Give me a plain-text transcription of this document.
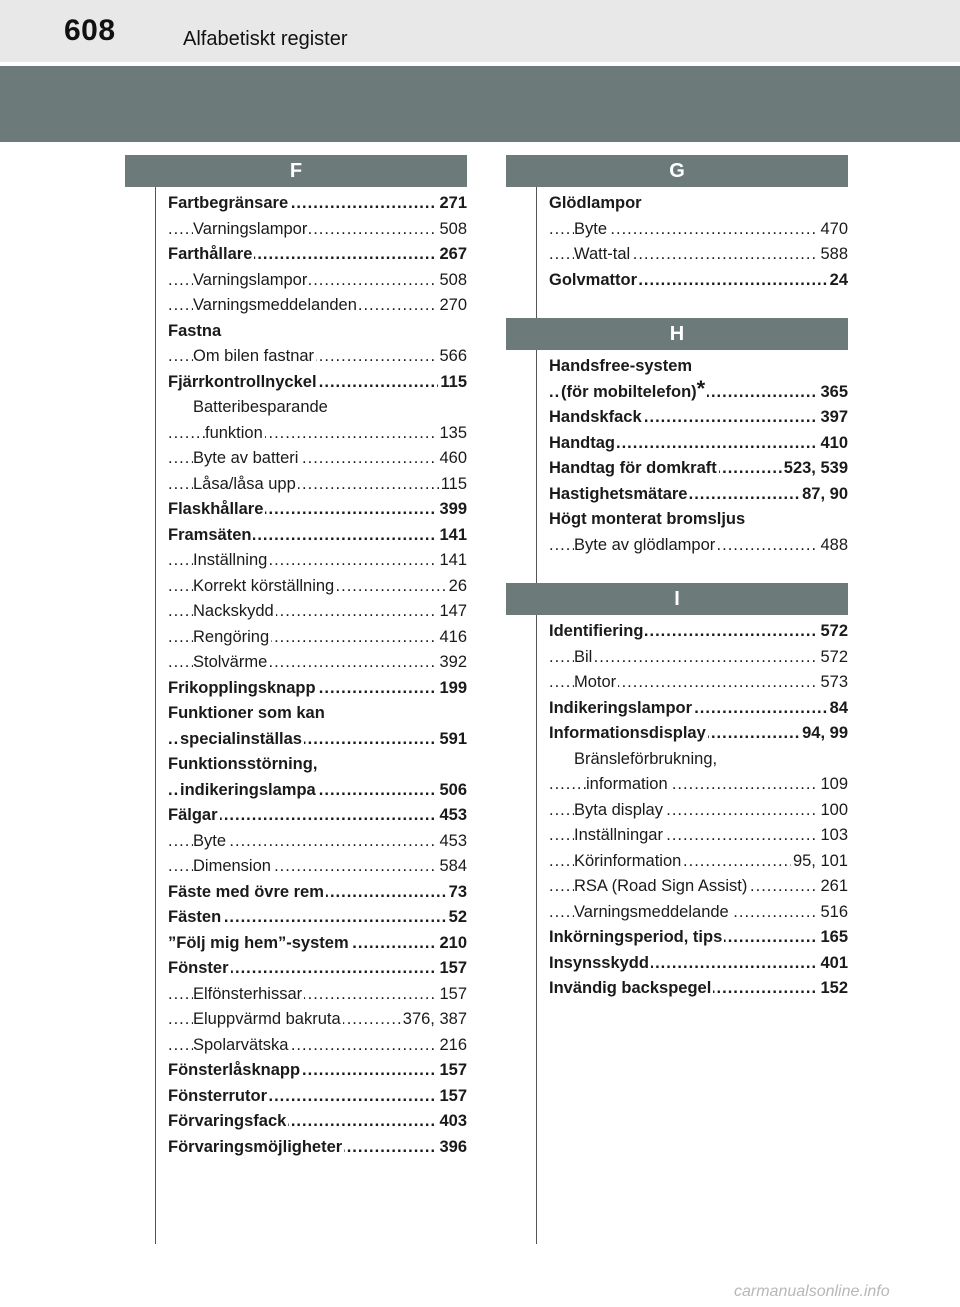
608	Alfabetiskt register
F
..... Fartbegränsare	271
..... Varningslampor	508
..... Farthållare	267
..... Varningslampor	508
..... Varningsmeddelanden	270
Fastna
..... Om bilen fastnar	566
..... Fjärrkontrollnyckel	115
Batteribesparande
..... funktion	135
..... Byte av batteri	460
..... Låsa/låsa upp	115
..... Flaskhållare	399
..... Framsäten	141
..... Inställning	141
..... Korrekt körställning	26
..... Nackskydd	147
..... Rengöring	416
..... Stolvärme	392
..... Frikopplingsknapp	199
Funktioner som kan
..... specialinställas	591
Funktionsstörning,
..... indikeringslampa	506
..... Fälgar	453
..... Byte	453
..... Dimension	584
..... Fäste med övre rem	73
..... Fästen	52
..... ”Följ mig hem”-system	210
..... Fönster	157
..... Elfönsterhissar	157
..... Eluppvärmd bakruta	376, 387
..... Spolarvätska	216
..... Fönsterlåsknapp	157
..... Fönsterrutor	157
..... Förvaringsfack	403
..... Förvaringsmöjligheter	396
G
Glödlampor
..... Byte	470
..... Watt-tal	588
..... Golvmattor	24
H
Handsfree-system
..... (för mobiltelefon)*	365
..... Handskfack	397
..... Handtag	410
..... Handtag för domkraft	523, 539
..... Hastighetsmätare	87, 90
Högt monterat bromsljus
..... Byte av glödlampor	488
I
..... Identifiering	572
..... Bil	572
..... Motor	573
..... Indikeringslampor	84
..... Informationsdisplay	94, 99
Bränsleförbrukning,
..... information	109
..... Byta display	100
..... Inställningar	103
..... Körinformation	95, 101
..... RSA (Road Sign Assist)	261
..... Varningsmeddelande	516
..... Inkörningsperiod, tips	165
..... Insynsskydd	401
..... Invändig backspegel	152
carmanualsonline.info
